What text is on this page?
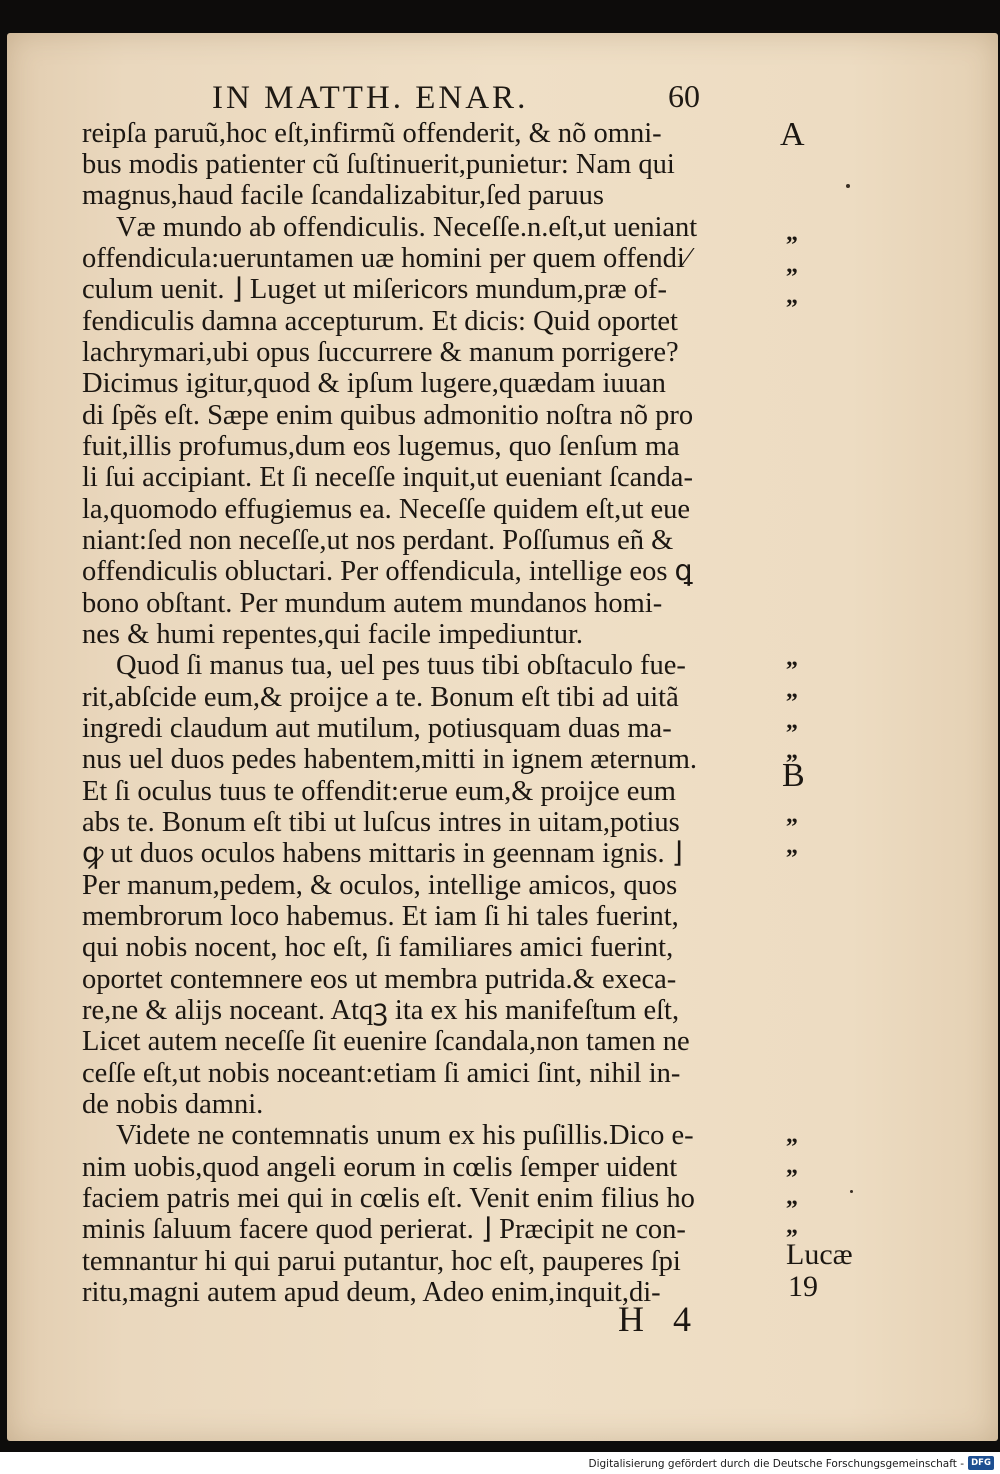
IN MATTH. ENAR.	60
reipſa paruũ,hoc eſt,infirmũ offenderit, & nõ omni-
bus modis patienter cũ ſuſtinuerit,punietur: Nam qui
magnus,haud facile ſcandalizabitur,ſed paruus
Væ mundo ab offendiculis. Neceſſe.n.eſt,ut ueniant
offendicula:ueruntamen uæ homini per quem offendi⁄
culum uenit. ⌋ Luget ut miſericors mundum,præ of-
fendiculis damna accepturum. Et dicis: Quid oportet
lachrymari,ubi opus ſuccurrere & manum porrigere?
Dicimus igitur,quod & ipſum lugere,quædam iuuan
di ſpẽs eſt. Sæpe enim quibus admonitio noſtra nõ pro
fuit,illis profumus,dum eos lugemus, quo ſenſum ma
li ſui accipiant. Et ſi neceſſe inquit,ut eueniant ſcanda-
la,quomodo effugiemus ea. Neceſſe quidem eſt,ut eue
niant:ſed non neceſſe,ut nos perdant. Poſſumus eñ &
offendiculis obluctari. Per offendicula, intellige eos ꝗ
bono obſtant. Per mundum autem mundanos homi-
nes & humi repentes,qui facile impediuntur.
Quod ſi manus tua, uel pes tuus tibi obſtaculo fue-
rit,abſcide eum,& proijce a te. Bonum eſt tibi ad uitã
ingredi claudum aut mutilum, potiusquam duas ma-
nus uel duos pedes habentem,mitti in ignem æternum.
Et ſi oculus tuus te offendit:erue eum,& proijce eum
abs te. Bonum eſt tibi ut luſcus intres in uitam,potius
ꝙ ut duos oculos habens mittaris in geennam ignis. ⌋
Per manum,pedem, & oculos, intellige amicos, quos
membrorum loco habemus. Et iam ſi hi tales fuerint,
qui nobis nocent, hoc eſt, ſi familiares amici fuerint,
oportet contemnere eos ut membra putrida.& execa-
re,ne & alijs noceant. Atqꝫ ita ex his manifeſtum eſt,
Licet autem neceſſe ſit euenire ſcandala,non tamen ne
ceſſe eſt,ut nobis noceant:etiam ſi amici ſint, nihil in-
de nobis damni.
Videte ne contemnatis unum ex his puſillis.Dico e-
nim uobis,quod angeli eorum in cœlis ſemper uident
faciem patris mei qui in cœlis eſt. Venit enim filius ho
minis ſaluum facere quod perierat. ⌋ Præcipit ne con-
temnantur hi qui parui putantur, hoc eſt, pauperes ſpi
ritu,magni autem apud deum, Adeo enim,inquit,di-
A
B
Lucæ
19
„
„
„
„
„
„
„
„
„
„
„
„
„
H 4
Digitalisierung gefördert durch die Deutsche Forschungsgemeinschaft - DFG
